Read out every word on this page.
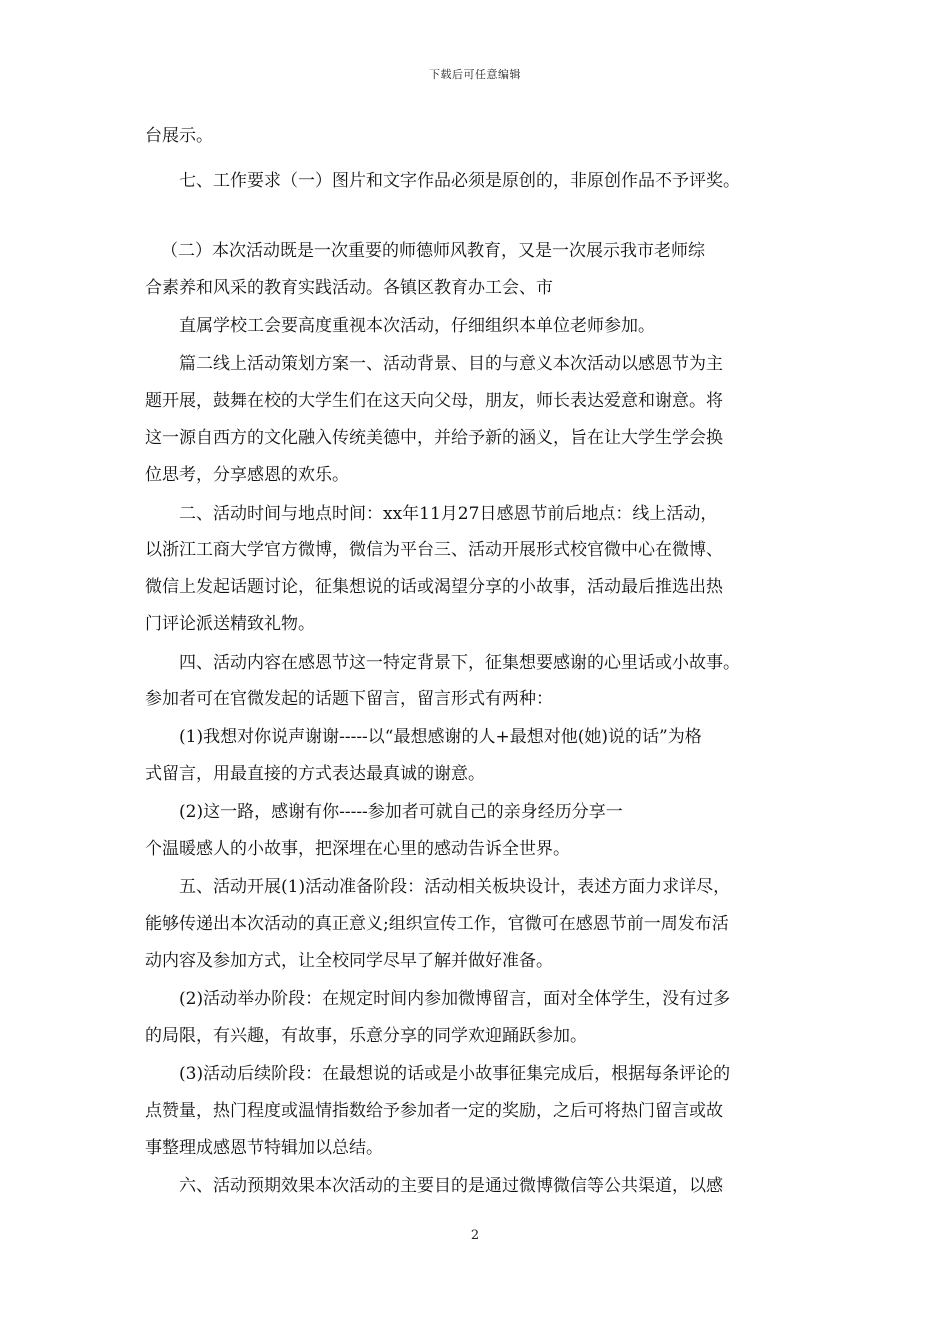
下载后可任意编辑
台展示。
七、工作要求（一）图片和文字作品必须是原创的，非原创作品不予评奖。
（二）本次活动既是一次重要的师德师风教育，又是一次展示我市老师综
合素养和风采的教育实践活动。各镇区教育办工会、市
直属学校工会要高度重视本次活动，仔细组织本单位老师参加。
篇二线上活动策划方案一、活动背景、目的与意义本次活动以感恩节为主
题开展，鼓舞在校的大学生们在这天向父母，朋友，师长表达爱意和谢意。将
这一源自西方的文化融入传统美德中，并给予新的涵义，旨在让大学生学会换
位思考，分享感恩的欢乐。
二、活动时间与地点时间：xx年11月27日感恩节前后地点：线上活动，
以浙江工商大学官方微博，微信为平台三、活动开展形式校官微中心在微博、
微信上发起话题讨论，征集想说的话或渴望分享的小故事，活动最后推选出热
门评论派送精致礼物。
四、活动内容在感恩节这一特定背景下，征集想要感谢的心里话或小故事。
参加者可在官微发起的话题下留言，留言形式有两种：
(1)我想对你说声谢谢-----以“最想感谢的人+最想对他(她)说的话”为格
式留言，用最直接的方式表达最真诚的谢意。
(2)这一路，感谢有你-----参加者可就自己的亲身经历分享一
个温暖感人的小故事，把深埋在心里的感动告诉全世界。
五、活动开展(1)活动准备阶段：活动相关板块设计，表述方面力求详尽，
能够传递出本次活动的真正意义;组织宣传工作，官微可在感恩节前一周发布活
动内容及参加方式，让全校同学尽早了解并做好准备。
(2)活动举办阶段：在规定时间内参加微博留言，面对全体学生，没有过多
的局限，有兴趣，有故事，乐意分享的同学欢迎踊跃参加。
(3)活动后续阶段：在最想说的话或是小故事征集完成后，根据每条评论的
点赞量，热门程度或温情指数给予参加者一定的奖励，之后可将热门留言或故
事整理成感恩节特辑加以总结。
六、活动预期效果本次活动的主要目的是通过微博微信等公共渠道，以感
2
